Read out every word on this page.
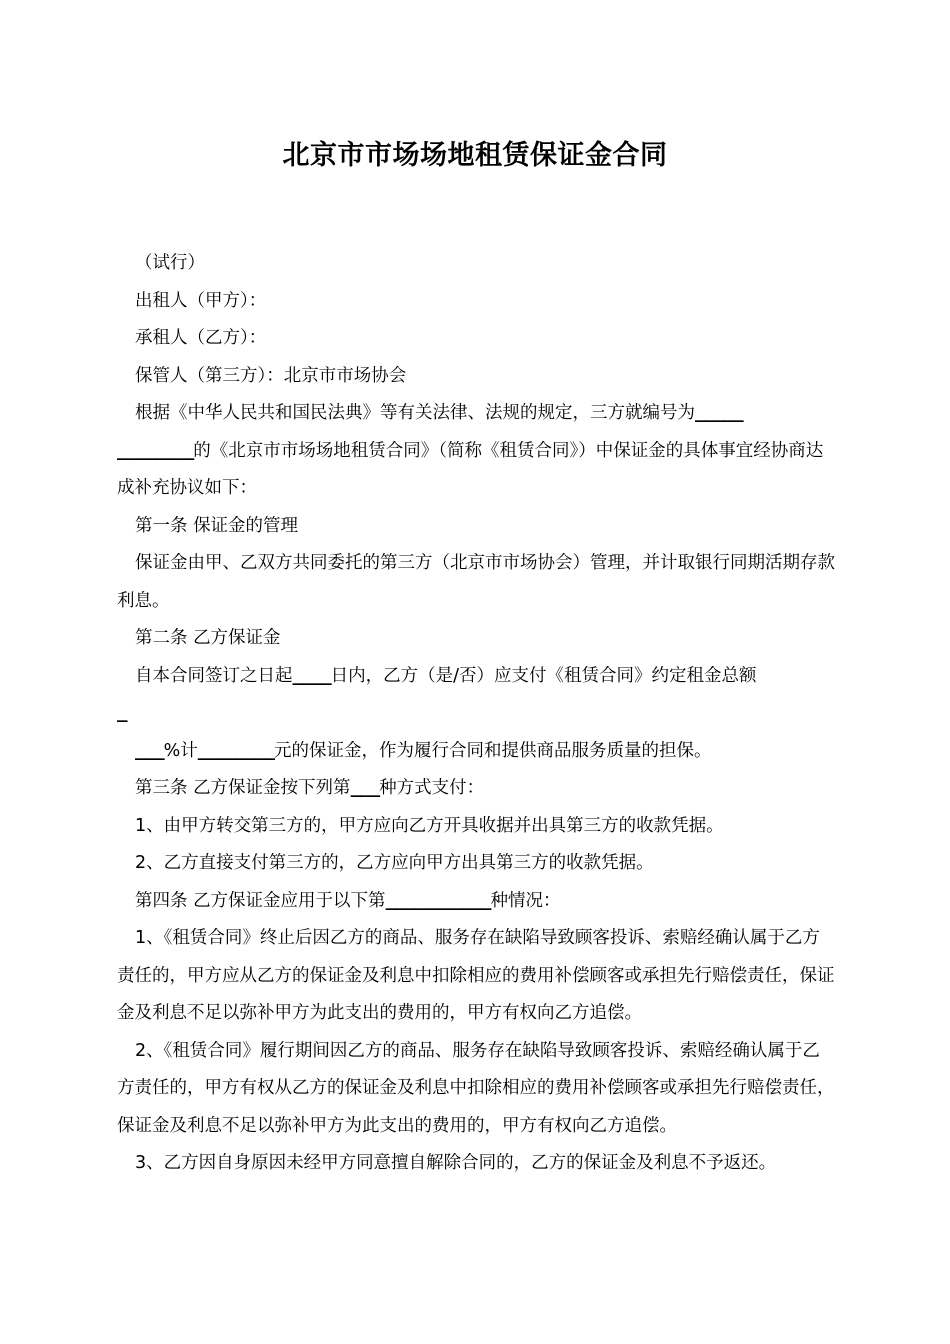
北京市市场场地租赁保证金合同

（试行）

出租人（甲方）：

承租人（乙方）：

保管人（第三方）：北京市市场协会

根据《中华人民共和国民法典》等有关法律、法规的规定，三方就编号为_____
________的《北京市市场场地租赁合同》（简称《租赁合同》）中保证金的具体事宜经协商达成补充协议如下：

第一条 保证金的管理

保证金由甲、乙双方共同委托的第三方（北京市市场协会）管理，并计取银行同期活期存款利息。

第二条 乙方保证金

自本合同签订之日起____日内，乙方（是/否）应支付《租赁合同》约定租金总额
_

___%计________元的保证金，作为履行合同和提供商品服务质量的担保。

第三条 乙方保证金按下列第___种方式支付：

1、由甲方转交第三方的，甲方应向乙方开具收据并出具第三方的收款凭据。

2、乙方直接支付第三方的，乙方应向甲方出具第三方的收款凭据。

第四条 乙方保证金应用于以下第___________种情况：

1、《租赁合同》终止后因乙方的商品、服务存在缺陷导致顾客投诉、索赔经确认属于乙方责任的，甲方应从乙方的保证金及利息中扣除相应的费用补偿顾客或承担先行赔偿责任，保证金及利息不足以弥补甲方为此支出的费用的，甲方有权向乙方追偿。

2、《租赁合同》履行期间因乙方的商品、服务存在缺陷导致顾客投诉、索赔经确认属于乙方责任的，甲方有权从乙方的保证金及利息中扣除相应的费用补偿顾客或承担先行赔偿责任，保证金及利息不足以弥补甲方为此支出的费用的，甲方有权向乙方追偿。

3、乙方因自身原因未经甲方同意擅自解除合同的，乙方的保证金及利息不予返还。
